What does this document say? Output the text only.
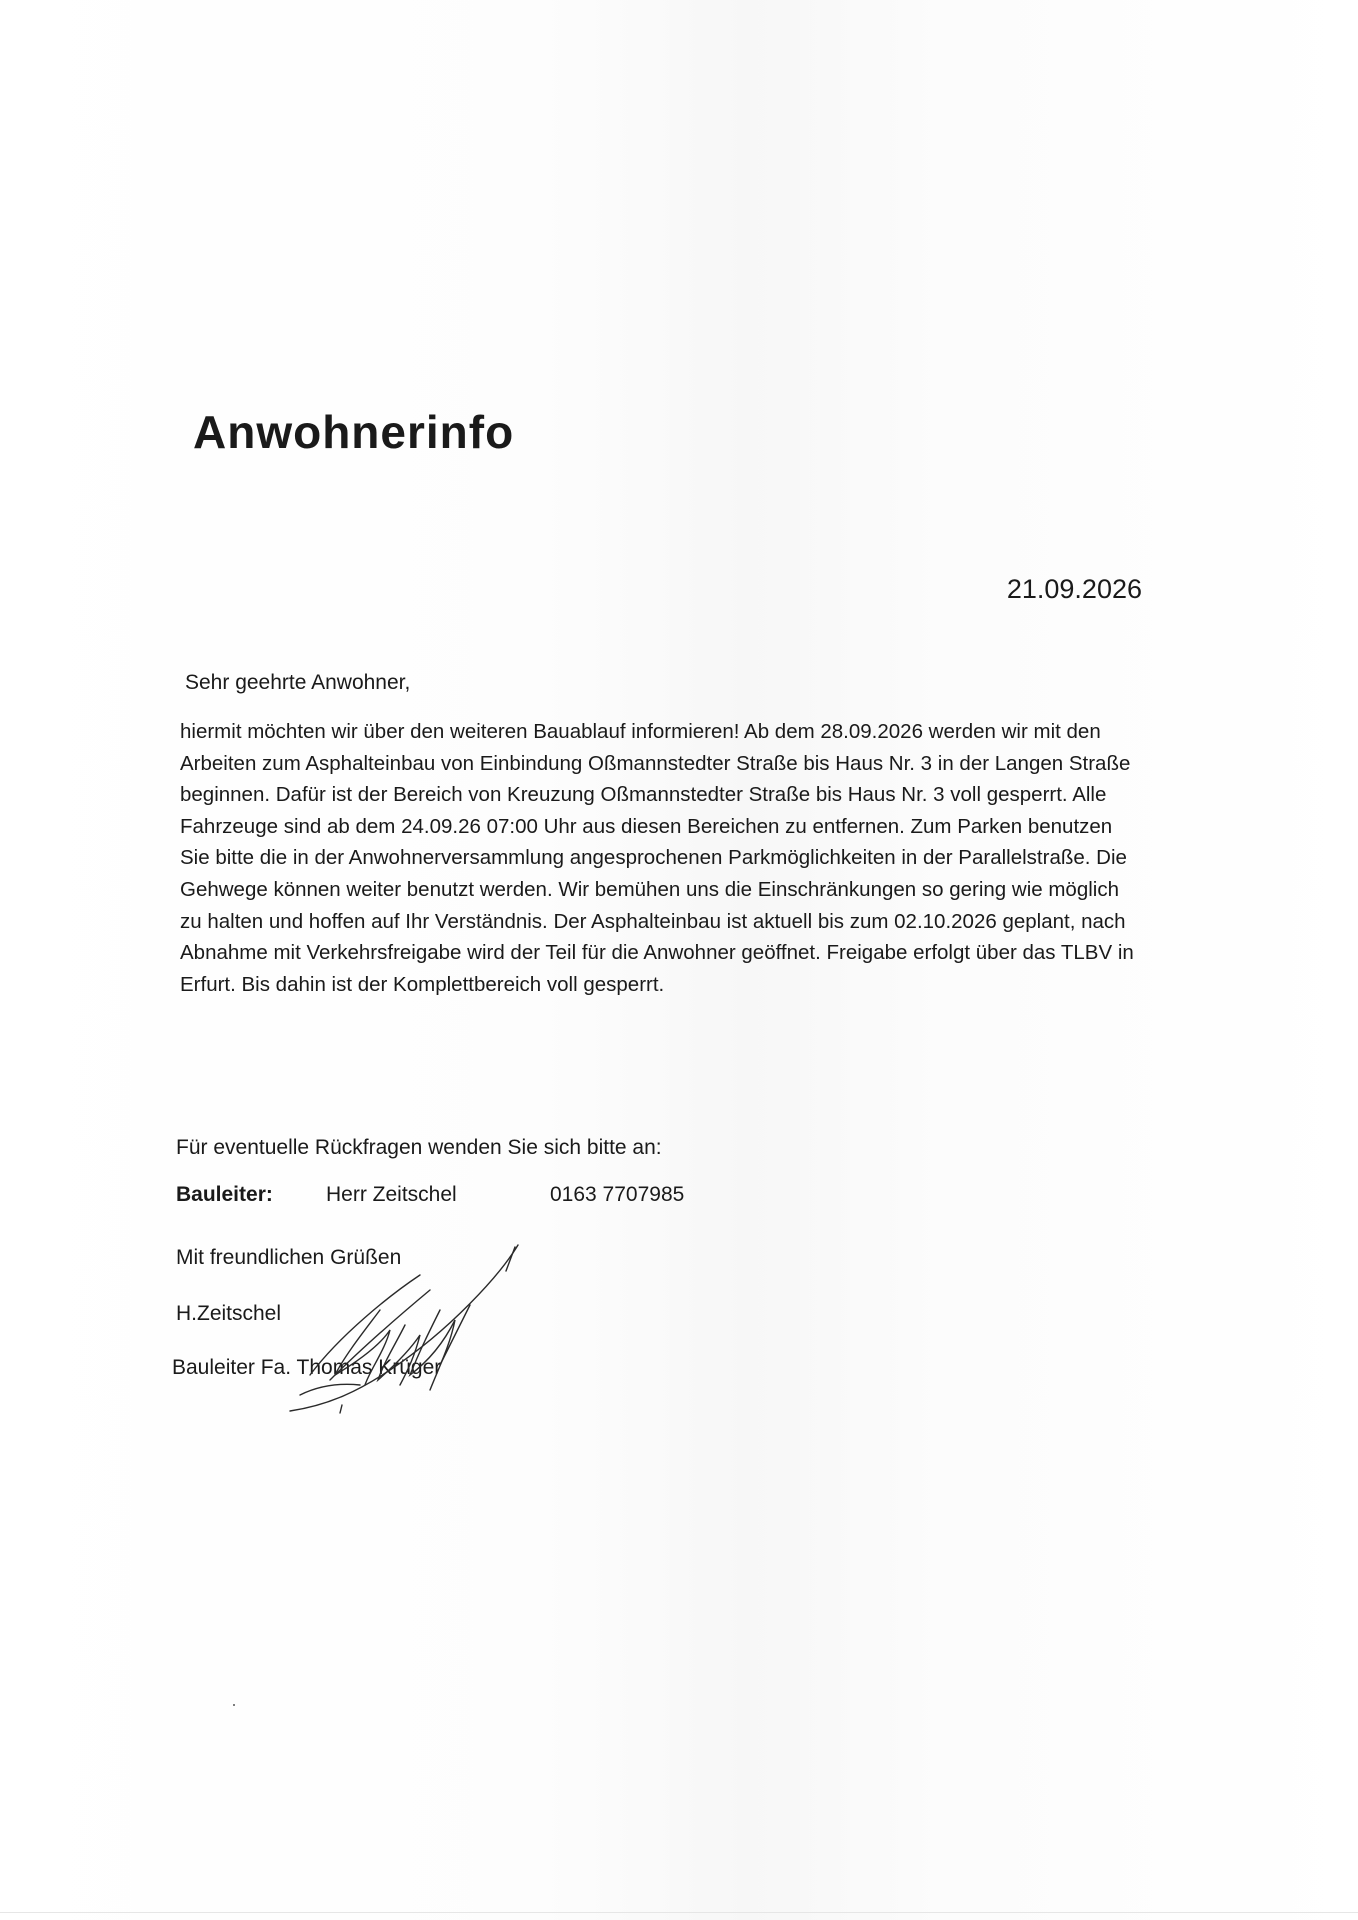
Anwohnerinfo
21.09.2026
Sehr geehrte Anwohner,

hiermit möchten wir über den weiteren Bauablauf informieren! Ab dem 28.09.2026 werden wir mit den Arbeiten zum Asphalteinbau von Einbindung Oßmannstedter Straße bis Haus Nr. 3 in der Langen Straße beginnen. Dafür ist der Bereich von Kreuzung Oßmannstedter Straße bis Haus Nr. 3 voll gesperrt. Alle Fahrzeuge sind ab dem 24.09.26 07:00 Uhr aus diesen Bereichen zu entfernen. Zum Parken benutzen Sie bitte die in der Anwohnerversammlung angesprochenen Parkmöglichkeiten in der Parallelstraße. Die Gehwege können weiter benutzt werden. Wir bemühen uns die Einschränkungen so gering wie möglich zu halten und hoffen auf Ihr Verständnis. Der Asphalteinbau ist aktuell bis zum 02.10.2026 geplant, nach Abnahme mit Verkehrsfreigabe wird der Teil für die Anwohner geöffnet. Freigabe erfolgt über das TLBV in Erfurt. Bis dahin ist der Komplettbereich voll gesperrt.

Für eventuelle Rückfragen wenden Sie sich bitte an:
Bauleiter:	Herr Zeitschel	0163 7707985
Mit freundlichen Grüßen
H.Zeitschel
Bauleiter Fa. Thomas Krüger
